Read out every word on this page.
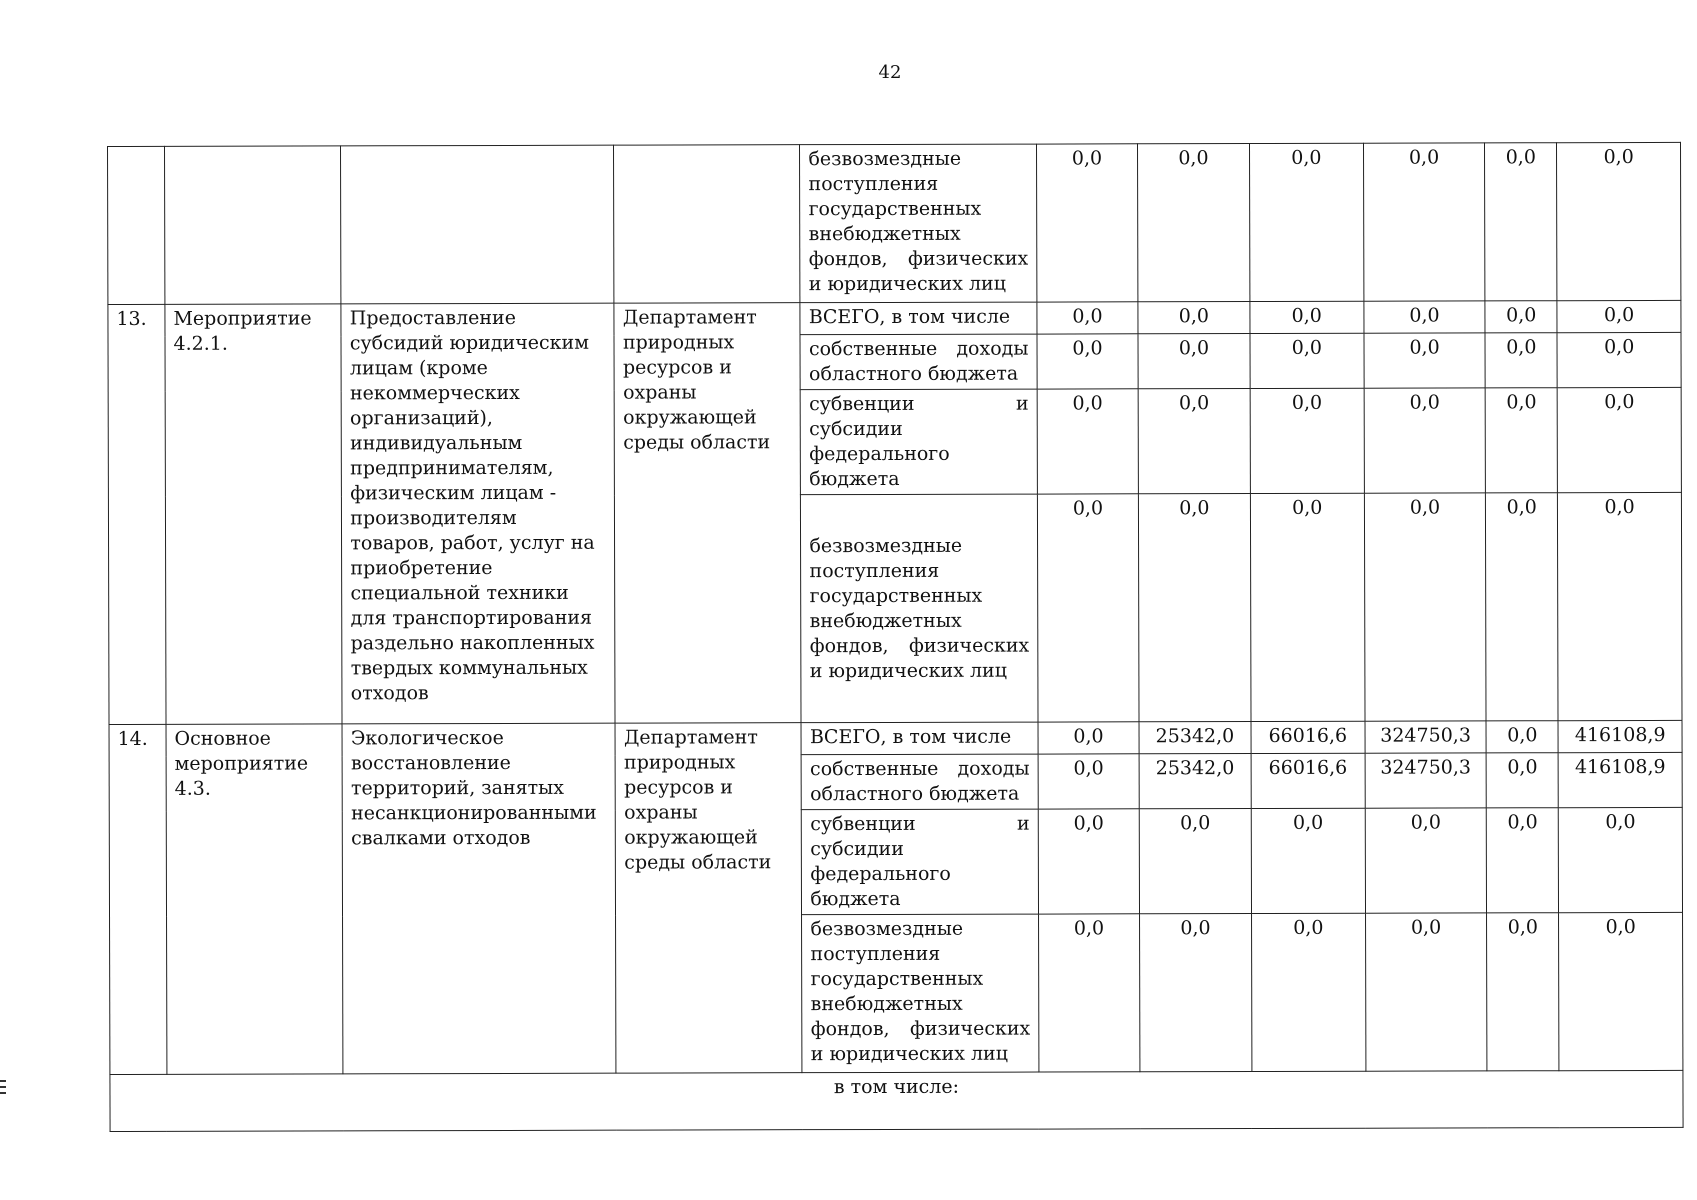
42
				безвозмездные поступления государственных внебюджетных фондов, физических и юридических лиц	0,0	0,0	0,0	0,0	0,0	0,0
13.	Мероприятие 4.2.1.	Предоставление субсидий юридическим лицам (кроме некоммерческих организаций), индивидуальным предпринимателям, физическим лицам - производителям товаров, работ, услуг на приобретение специальной техники для транспортирования раздельно накопленных твердых коммунальных отходов	Департамент природных ресурсов и охраны окружающей среды области	ВСЕГО, в том числе	0,0	0,0	0,0	0,0	0,0	0,0
				собственные доходы областного бюджета	0,0	0,0	0,0	0,0	0,0	0,0
				субвенции и субсидии федерального бюджета	0,0	0,0	0,0	0,0	0,0	0,0
				безвозмездные поступления государственных внебюджетных фондов, физических и юридических лиц	0,0	0,0	0,0	0,0	0,0	0,0
14.	Основное мероприятие 4.3.	Экологическое восстановление территорий, занятых несанкционированными свалками отходов	Департамент природных ресурсов и охраны окружающей среды области	ВСЕГО, в том числе	0,0	25342,0	66016,6	324750,3	0,0	416108,9
				собственные доходы областного бюджета	0,0	25342,0	66016,6	324750,3	0,0	416108,9
				субвенции и субсидии федерального бюджета	0,0	0,0	0,0	0,0	0,0	0,0
				безвозмездные поступления государственных внебюджетных фондов, физических и юридических лиц	0,0	0,0	0,0	0,0	0,0	0,0
в том числе:										
